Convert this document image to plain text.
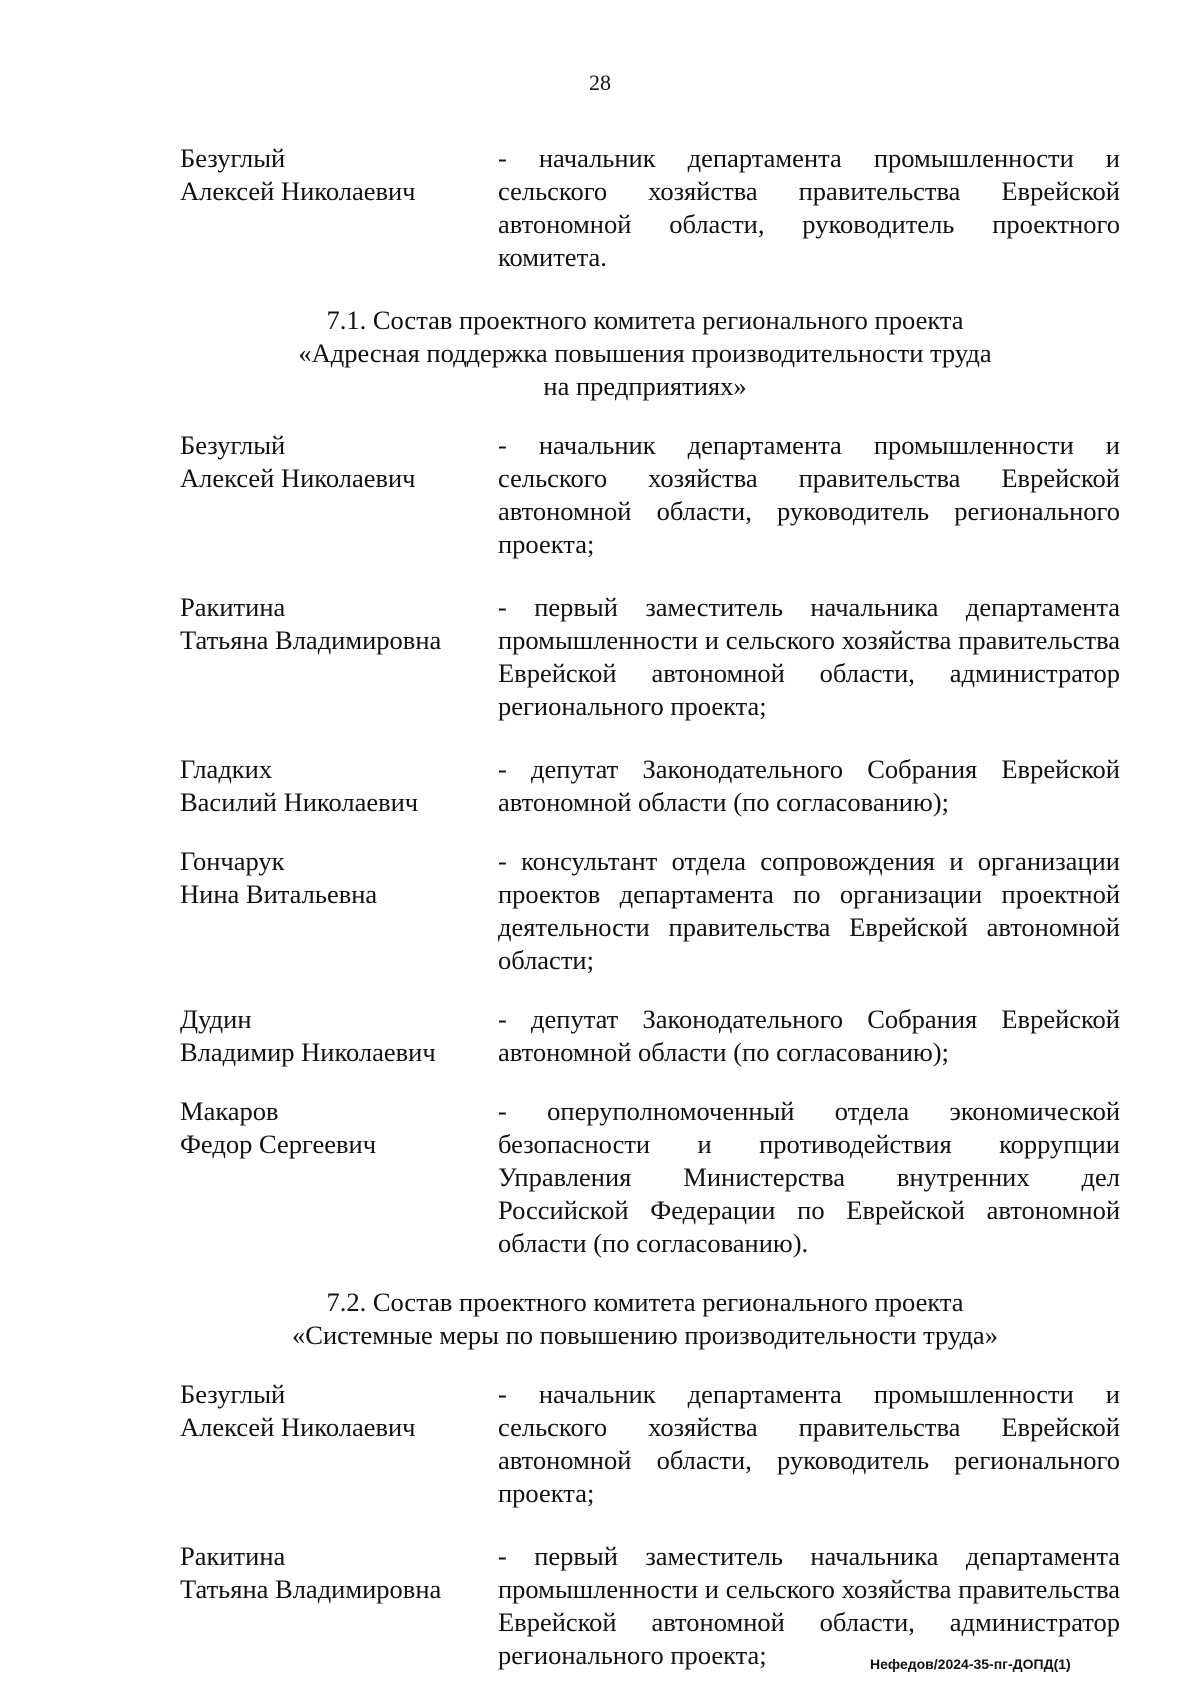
28
Безуглый
Алексей Николаевич
- начальник департамента промышленности и сельского хозяйства правительства Еврейской автономной области, руководитель проектного комитета.
7.1. Состав проектного комитета регионального проекта
«Адресная поддержка повышения производительности труда
на предприятиях»
Безуглый
Алексей Николаевич
- начальник департамента промышленности и сельского хозяйства правительства Еврейской автономной области, руководитель регионального проекта;
Ракитина
Татьяна Владимировна
- первый заместитель начальника департамента промышленности и сельского хозяйства правительства Еврейской автономной области, администратор регионального проекта;
Гладких
Василий Николаевич
- депутат Законодательного Собрания Еврейской автономной области (по согласованию);
Гончарук
Нина Витальевна
- консультант отдела сопровождения и организации проектов департамента по организации проектной деятельности правительства Еврейской автономной области;
Дудин
Владимир Николаевич
- депутат Законодательного Собрания Еврейской автономной области (по согласованию);
Макаров
Федор Сергеевич
- оперуполномоченный отдела экономической безопасности и противодействия коррупции Управления Министерства внутренних дел Российской Федерации по Еврейской автономной области (по согласованию).
7.2. Состав проектного комитета регионального проекта
«Системные меры по повышению производительности труда»
Безуглый
Алексей Николаевич
- начальник департамента промышленности и сельского хозяйства правительства Еврейской автономной области, руководитель регионального проекта;
Ракитина
Татьяна Владимировна
- первый заместитель начальника департамента промышленности и сельского хозяйства правительства Еврейской автономной области, администратор регионального проекта;	Нефедов/2024-35-пг-ДОПД(1)
